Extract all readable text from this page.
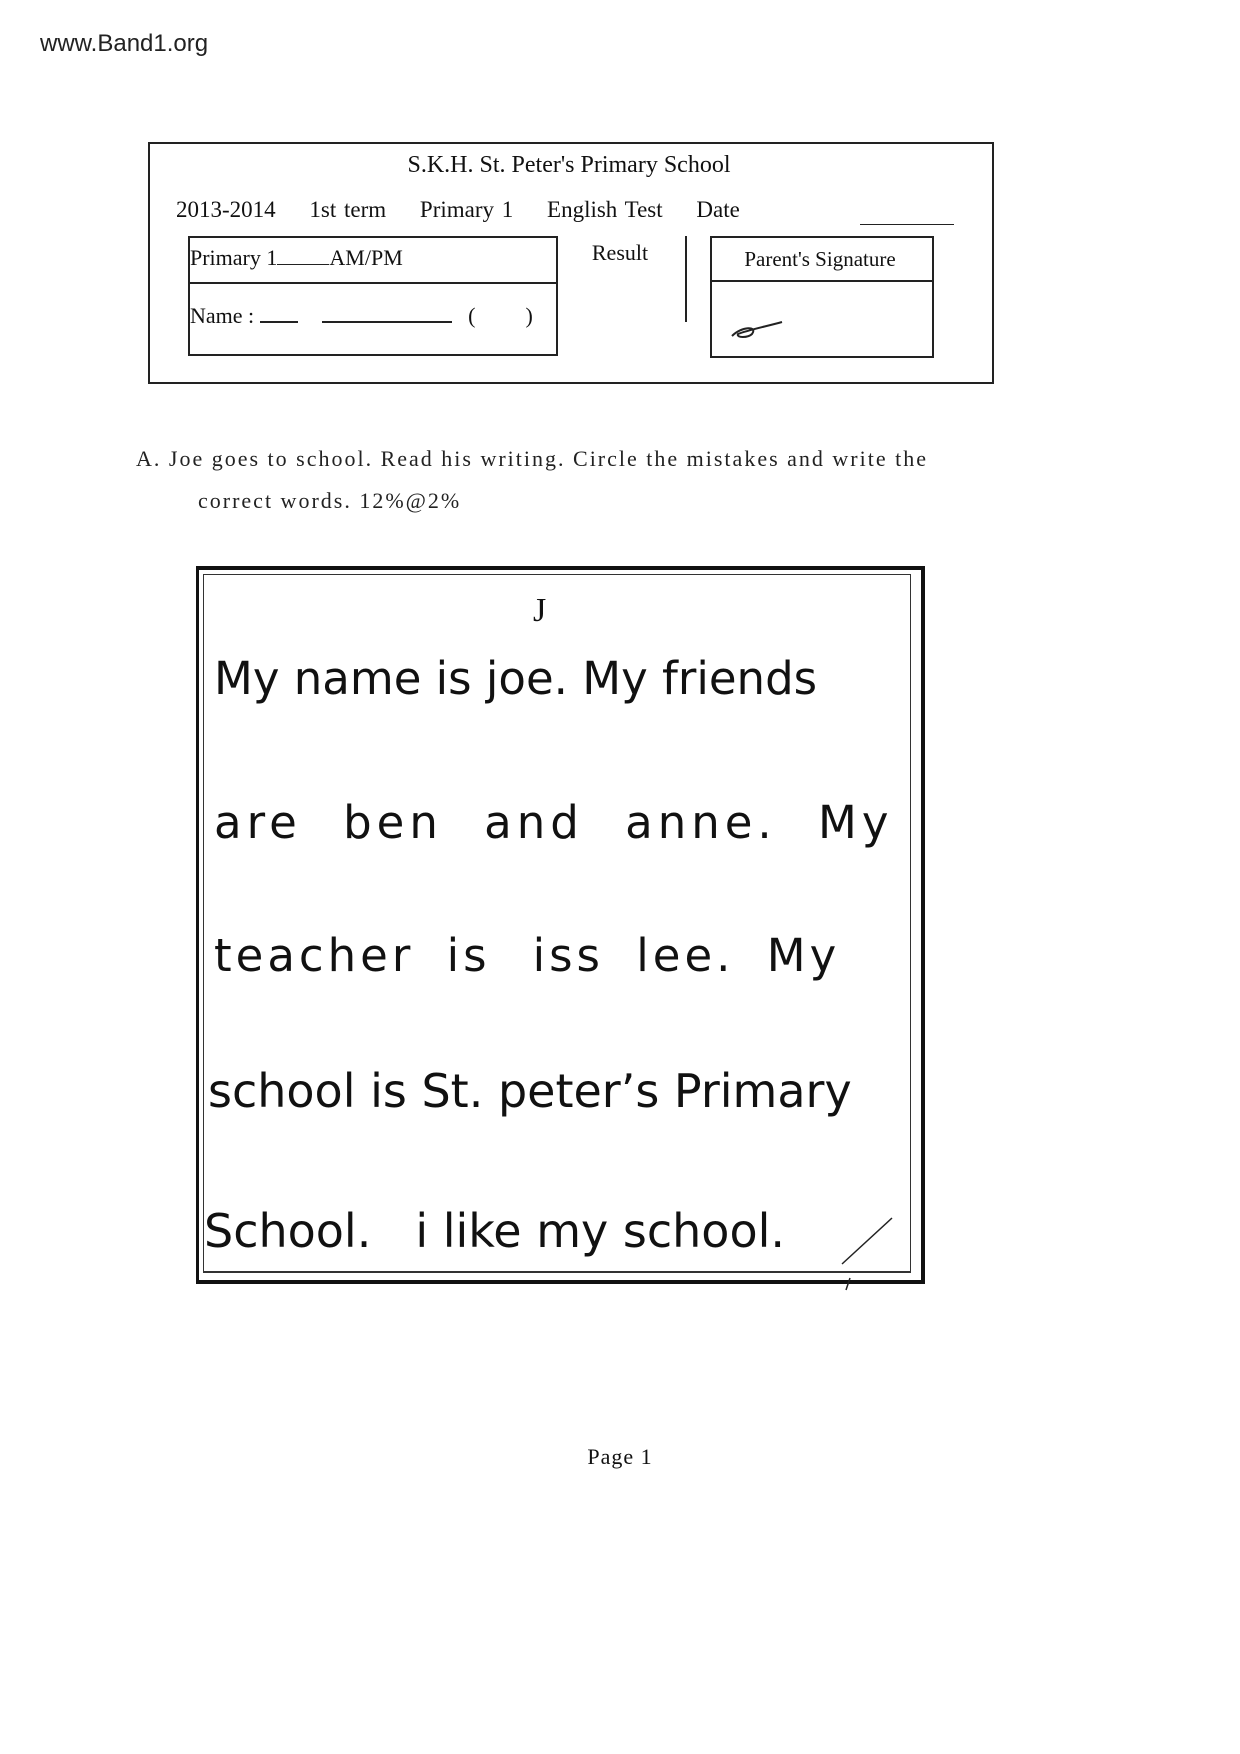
www.Band1.org
S.K.H. St. Peter's Primary School
2013-2014 1st term Primary 1 English Test Date
Primary 1 AM/PM
Name :	( )
Result	Parent's Signature
A. Joe goes to school. Read his writing. Circle the mistakes and write the
correct words. 12%@2%
J
My name is joe. My friends
are ben and anne. My
teacher is iss lee. My
school is St. peter’s Primary
School. i like my school.
Page 1
